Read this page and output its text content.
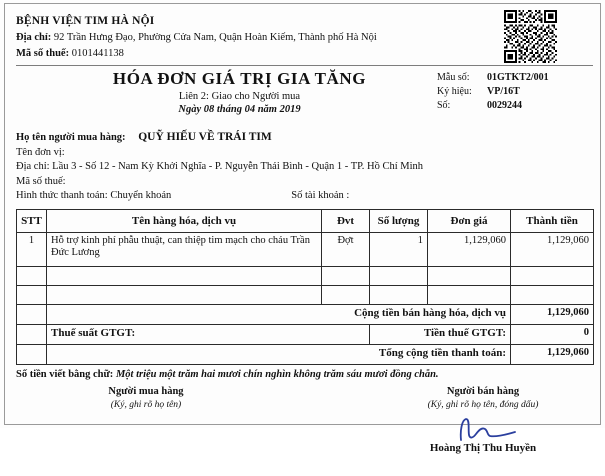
BỆNH VIỆN TIM HÀ NỘI
Địa chỉ: 92 Trần Hưng Đạo, Phường Cửa Nam, Quận Hoàn Kiếm, Thành phố Hà Nội
Mã số thuế: 0101441138
HÓA ĐƠN GIÁ TRỊ GIA TĂNG
Liên 2: Giao cho Người mua
Ngày 08 tháng 04 năm 2019
Mẫu số:	01GTKT2/001
Ký hiệu:	VP/16T
Số:	0029244
Họ tên người mua hàng: QUỸ HIẾU VỀ TRÁI TIM
Tên đơn vị:
Địa chỉ: Lầu 3 - Số 12 - Nam Kỳ Khởi Nghĩa - P. Nguyễn Thái Bình - Quận 1 - TP. Hồ Chí Minh
Mã số thuế:
Hình thức thanh toán: Chuyển khoản	Số tài khoản :
STT	Tên hàng hóa, dịch vụ	Đvt	Số lượng	Đơn giá	Thành tiền
1	Hỗ trợ kinh phí phẫu thuật, can thiệp tim mạch cho cháu Trần Đức Lương	Đợt	1	1,129,060	1,129,060

	Cộng tiền bán hàng hóa, dịch vụ				1,129,060
	Thuế suất GTGT:		Tiền thuế GTGT:		0
	Tổng cộng tiền thanh toán:				1,129,060
Số tiền viết bằng chữ: Một triệu một trăm hai mươi chín nghìn không trăm sáu mươi đồng chẵn.
Người mua hàng
(Ký, ghi rõ họ tên)
Người bán hàng
(Ký, ghi rõ họ tên, đóng dấu)
Hoàng Thị Thu Huyền
